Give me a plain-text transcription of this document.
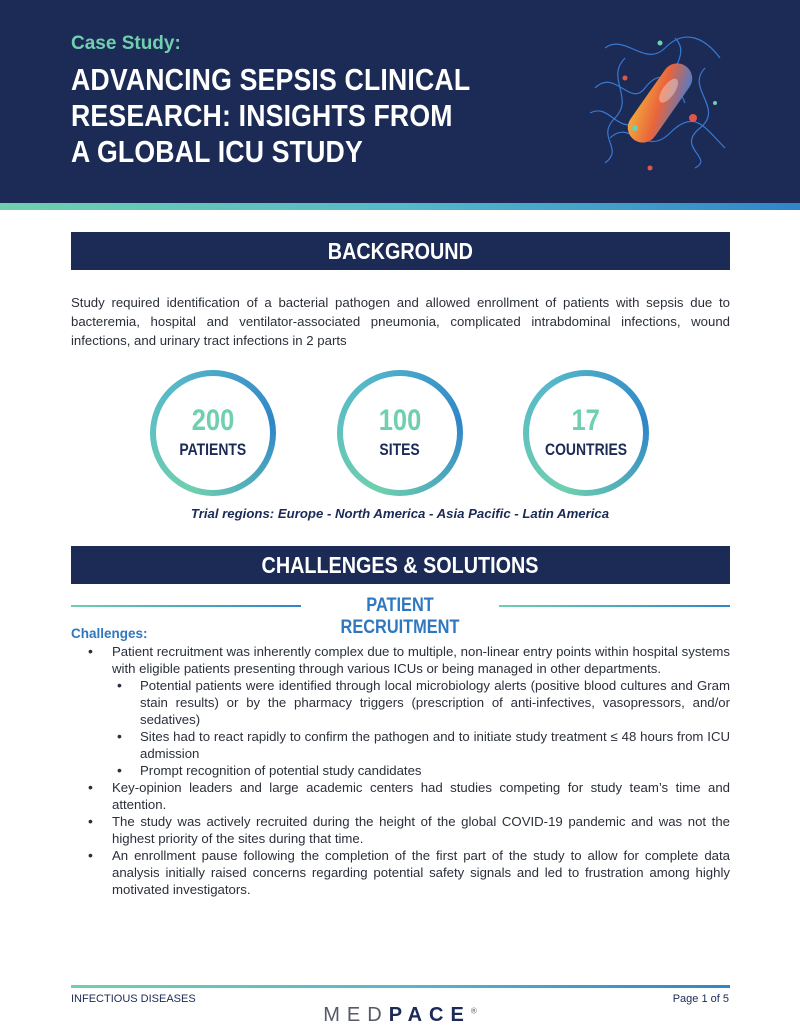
Case Study:
ADVANCING SEPSIS CLINICAL RESEARCH: INSIGHTS FROM A GLOBAL ICU STUDY
BACKGROUND
Study required identification of a bacterial pathogen and allowed enrollment of patients with sepsis due to bacteremia, hospital and ventilator-associated pneumonia, complicated intrabdominal infections, wound infections, and urinary tract infections in 2 parts
200
PATIENTS
100
SITES
17
COUNTRIES
Trial regions: Europe - North America - Asia Pacific - Latin America
CHALLENGES & SOLUTIONS
PATIENT RECRUITMENT
Challenges:
• Patient recruitment was inherently complex due to multiple, non-linear entry points within hospital systems with eligible patients presenting through various ICUs or being managed in other departments.
• Potential patients were identified through local microbiology alerts (positive blood cultures and Gram stain results) or by the pharmacy triggers (prescription of anti-infectives, vasopressors, and/or sedatives)
• Sites had to react rapidly to confirm the pathogen and to initiate study treatment ≤ 48 hours from ICU admission
• Prompt recognition of potential study candidates
• Key-opinion leaders and large academic centers had studies competing for study team’s time and attention.
• The study was actively recruited during the height of the global COVID-19 pandemic and was not the highest priority of the sites during that time.
• An enrollment pause following the completion of the first part of the study to allow for complete data analysis initially raised concerns regarding potential safety signals and led to frustration among highly motivated investigators.
INFECTIOUS DISEASES	Page 1 of 5
MEDPACE®
